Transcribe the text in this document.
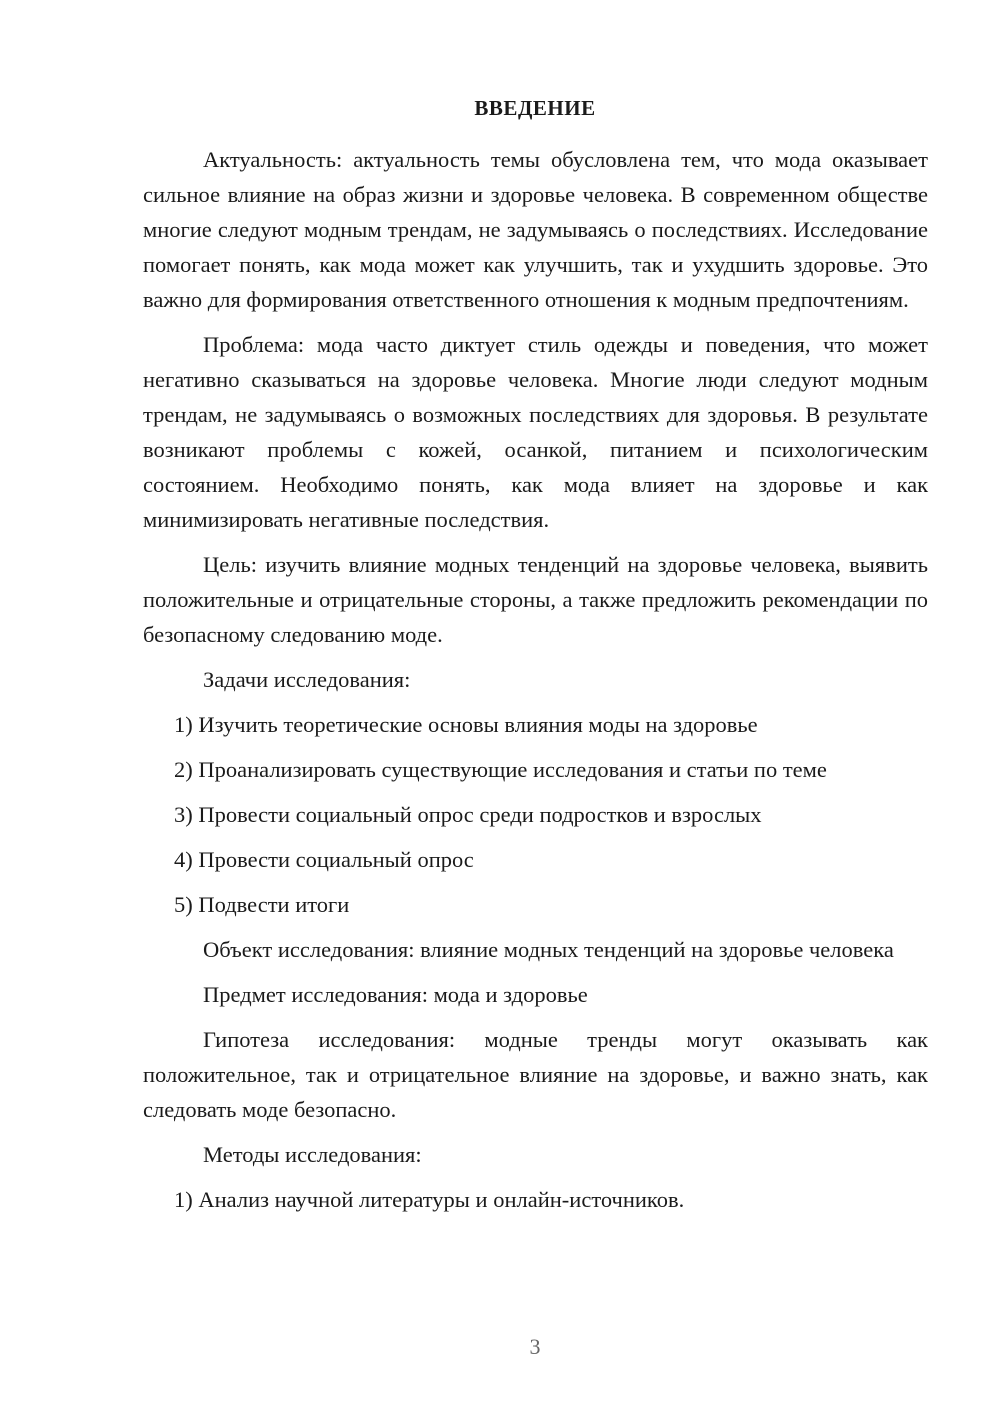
ВВЕДЕНИЕ

Актуальность: актуальность темы обусловлена тем, что мода оказывает сильное влияние на образ жизни и здоровье человека. В современном обществе многие следуют модным трендам, не задумываясь о последствиях. Исследование помогает понять, как мода может как улучшить, так и ухудшить здоровье. Это важно для формирования ответственного отношения к модным предпочтениям.

Проблема: мода часто диктует стиль одежды и поведения, что может негативно сказываться на здоровье человека. Многие люди следуют модным трендам, не задумываясь о возможных последствиях для здоровья. В результате возникают проблемы с кожей, осанкой, питанием и психологическим состоянием. Необходимо понять, как мода влияет на здоровье и как минимизировать негативные последствия.

Цель: изучить влияние модных тенденций на здоровье человека, выявить положительные и отрицательные стороны, а также предложить рекомендации по безопасному следованию моде.

Задачи исследования:

1) Изучить теоретические основы влияния моды на здоровье

2) Проанализировать существующие исследования и статьи по теме

3) Провести социальный опрос среди подростков и взрослых

4) Провести социальный опрос

5) Подвести итоги

Объект исследования: влияние модных тенденций на здоровье человека

Предмет исследования: мода и здоровье

Гипотеза исследования: модные тренды могут оказывать как положительное, так и отрицательное влияние на здоровье, и важно знать, как следовать моде безопасно.

Методы исследования:

1) Анализ научной литературы и онлайн-источников.

3
